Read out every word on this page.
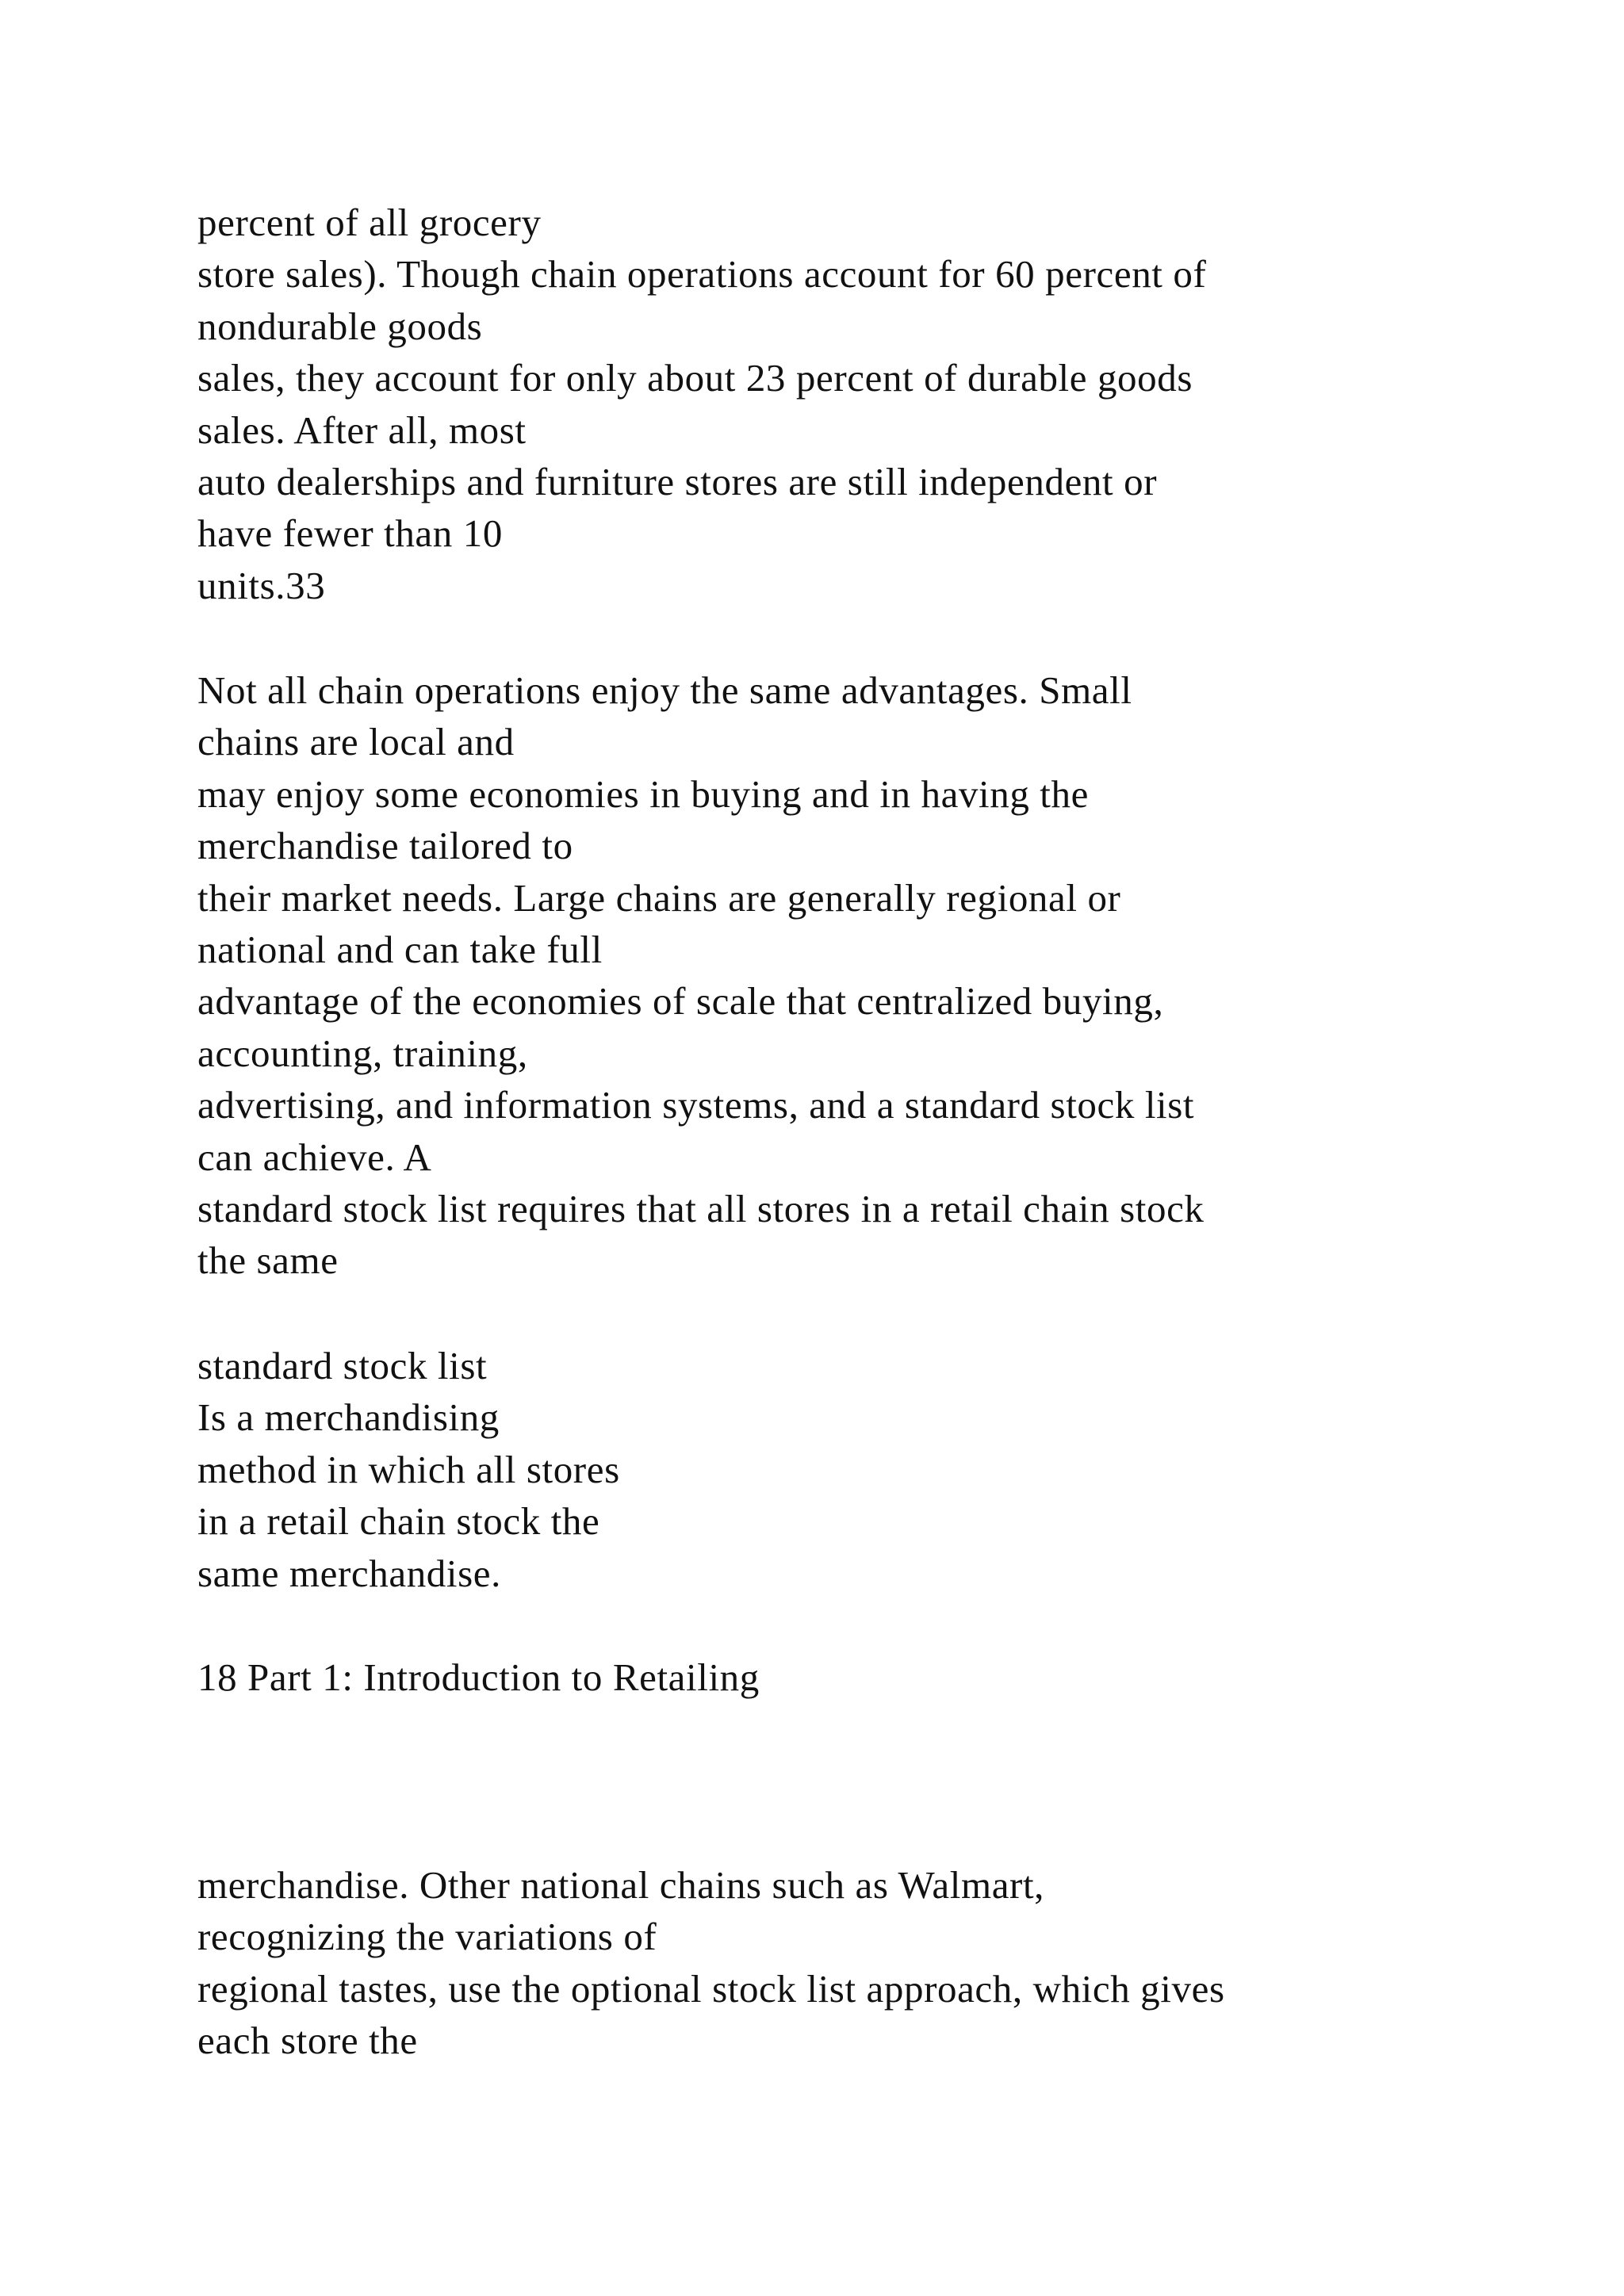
percent of all grocery
store sales). Though chain operations account for 60 percent of
nondurable goods
sales, they account for only about 23 percent of durable goods
sales. After all, most
auto dealerships and furniture stores are still independent or
have fewer than 10
units.33
Not all chain operations enjoy the same advantages. Small
chains are local and
may enjoy some economies in buying and in having the
merchandise tailored to
their market needs. Large chains are generally regional or
national and can take full
advantage of the economies of scale that centralized buying,
accounting, training,
advertising, and information systems, and a standard stock list
can achieve. A
standard stock list requires that all stores in a retail chain stock
the same
standard stock list
Is a merchandising
method in which all stores
in a retail chain stock the
same merchandise.
18 Part 1: Introduction to Retailing
merchandise. Other national chains such as Walmart,
recognizing the variations of
regional tastes, use the optional stock list approach, which gives
each store the
